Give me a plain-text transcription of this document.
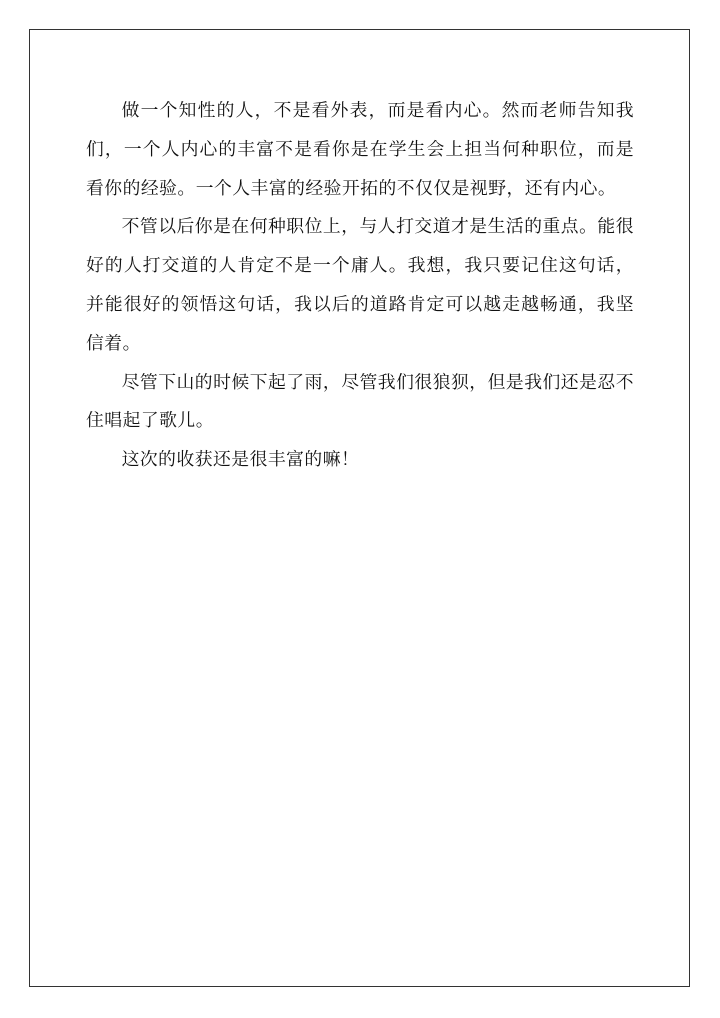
做一个知性的人，不是看外表，而是看内心。然而老师告知我们，一个人内心的丰富不是看你是在学生会上担当何种职位，而是看你的经验。一个人丰富的经验开拓的不仅仅是视野，还有内心。

不管以后你是在何种职位上，与人打交道才是生活的重点。能很好的人打交道的人肯定不是一个庸人。我想，我只要记住这句话，并能很好的领悟这句话，我以后的道路肯定可以越走越畅通，我坚信着。

尽管下山的时候下起了雨，尽管我们很狼狈，但是我们还是忍不住唱起了歌儿。

这次的收获还是很丰富的嘛！
